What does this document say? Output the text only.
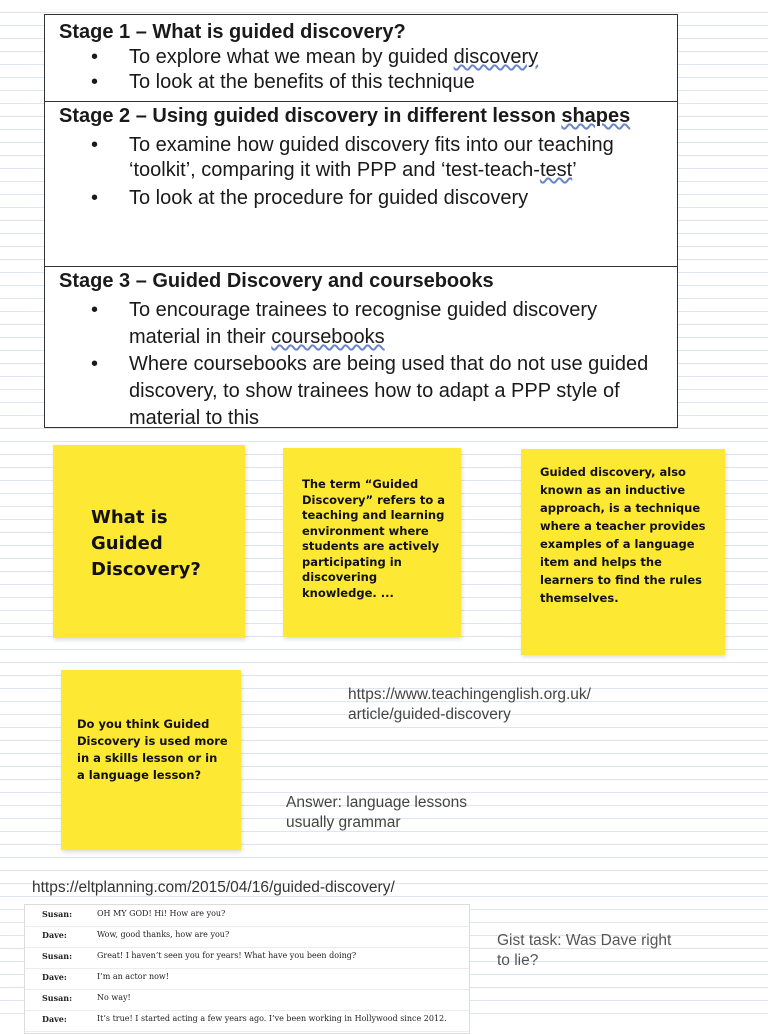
Stage 1 – What is guided discovery?
• To explore what we mean by guided discovery
• To look at the benefits of this technique
Stage 2 – Using guided discovery in different lesson shapes
• To examine how guided discovery fits into our teaching ‘toolkit’, comparing it with PPP and ‘test-teach-test’
• To look at the procedure for guided discovery
Stage 3 – Guided Discovery and coursebooks
• To encourage trainees to recognise guided discovery material in their coursebooks
• Where coursebooks are being used that do not use guided discovery, to show trainees how to adapt a PPP style of material to this
What is Guided Discovery?
The term “Guided Discovery” refers to a teaching and learning environment where students are actively participating in discovering knowledge. ...
Guided discovery, also known as an inductive approach, is a technique where a teacher provides examples of a language item and helps the learners to find the rules themselves.
Do you think Guided Discovery is used more in a skills lesson or in a language lesson?
https://www.teachingenglish.org.uk/ article/guided-discovery
Answer: language lessons usually grammar
https://eltplanning.com/2015/04/16/guided-discovery/
Susan:	OH MY GOD! Hi! How are you?
Dave:	Wow, good thanks, how are you?
Susan:	Great! I haven’t seen you for years! What have you been doing?
Dave:	I’m an actor now!
Susan:	No way!
Dave:	It’s true! I started acting a few years ago. I’ve been working in Hollywood since 2012.
Gist task: Was Dave right to lie?
